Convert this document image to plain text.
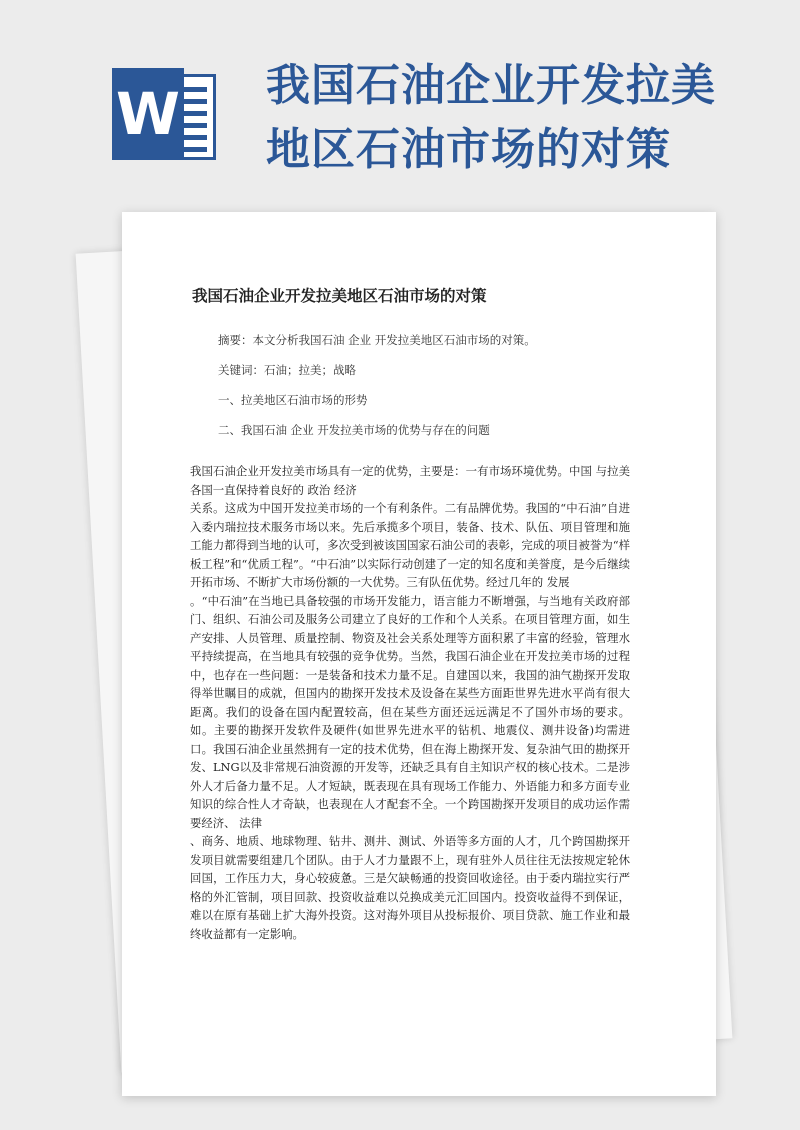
W 我国石油企业开发拉美
地区石油市场的对策
我国石油企业开发拉美地区石油市场的对策
摘要：本文分析我国石油 企业 开发拉美地区石油市场的对策。
关键词：石油；拉美；战略
一、拉美地区石油市场的形势
二、我国石油 企业 开发拉美市场的优势与存在的问题

我国石油企业开发拉美市场具有一定的优势，主要是：一有市场环境优势。中国 与拉美各国一直保持着良好的 政治 经济

关系。这成为中国开发拉美市场的一个有利条件。二有品牌优势。我国的“中石油”自进入委内瑞拉技术服务市场以来。先后承揽多个项目，装备、技术、队伍、项目管理和施工能力都得到当地的认可，多次受到被该国国家石油公司的表彰，完成的项目被誉为“样板工程”和“优质工程”。“中石油”以实际行动创建了一定的知名度和美誉度，是今后继续开拓市场、不断扩大市场份额的一大优势。三有队伍优势。经过几年的 发展

。“中石油”在当地已具备较强的市场开发能力，语言能力不断增强，与当地有关政府部门、组织、石油公司及服务公司建立了良好的工作和个人关系。在项目管理方面，如生产安排、人员管理、质量控制、物资及社会关系处理等方面积累了丰富的经验，管理水平持续提高，在当地具有较强的竞争优势。当然，我国石油企业在开发拉美市场的过程中，也存在一些问题：一是装备和技术力量不足。自建国以来，我国的油气勘探开发取得举世瞩目的成就，但国内的勘探开发技术及设备在某些方面距世界先进水平尚有很大距离。我们的设备在国内配置较高，但在某些方面还远远满足不了国外市场的要求。如。主要的勘探开发软件及硬件(如世界先进水平的钻机、地震仪、测井设备)均需进口。我国石油企业虽然拥有一定的技术优势，但在海上勘探开发、复杂油气田的勘探开发、LNG以及非常规石油资源的开发等，还缺乏具有自主知识产权的核心技术。二是涉外人才后备力量不足。人才短缺，既表现在具有现场工作能力、外语能力和多方面专业知识的综合性人才奇缺，也表现在人才配套不全。一个跨国勘探开发项目的成功运作需要经济、 法律

、商务、地质、地球物理、钻井、测井、测试、外语等多方面的人才，几个跨国勘探开发项目就需要组建几个团队。由于人才力量跟不上，现有驻外人员往往无法按规定轮休回国，工作压力大，身心较疲惫。三是欠缺畅通的投资回收途径。由于委内瑞拉实行严格的外汇管制，项目回款、投资收益难以兑换成美元汇回国内。投资收益得不到保证，难以在原有基础上扩大海外投资。这对海外项目从投标报价、项目贷款、施工作业和最终收益都有一定影响。
